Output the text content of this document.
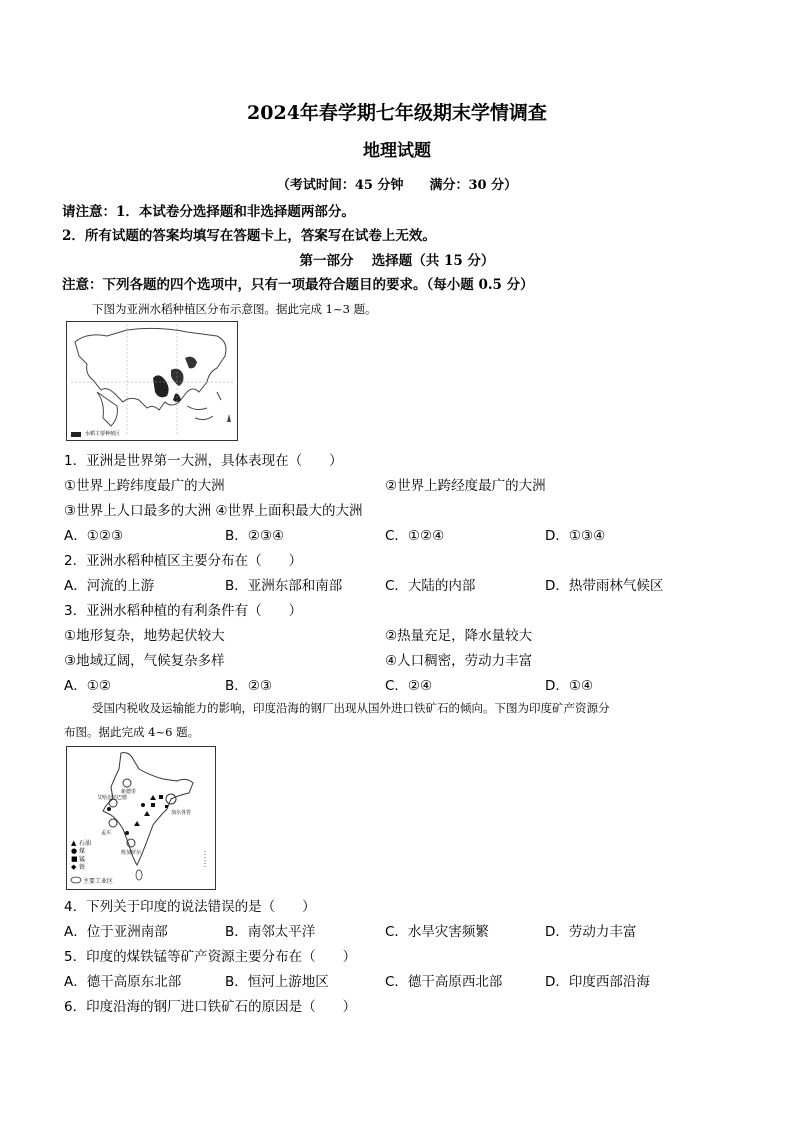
2024年春学期七年级期末学情调查
地理试题
（考试时间：45 分钟　　满分：30 分）
请注意：1．本试卷分选择题和非选择题两部分。
2．所有试题的答案均填写在答题卡上，答案写在试卷上无效。
第一部分　 选择题（共 15 分）
注意：下列各题的四个选项中，只有一项最符合题目的要求。（每小题 0.5 分）
下图为亚洲水稻种植区分布示意图。据此完成 1~3 题。
水稻主要种植区
1．亚洲是世界第一大洲，具体表现在（　　）
①世界上跨纬度最广的大洲	②世界上跨经度最广的大洲
③世界上人口最多的大洲 ④世界上面积最大的大洲
A．①②③	B．②③④	C．①②④	D．①③④
2．亚洲水稻种植区主要分布在（　　）
A．河流的上游	B．亚洲东部和南部	C．大陆的内部	D．热带雨林气候区
3．亚洲水稻种植的有利条件有（　　）
①地形复杂，地势起伏较大	②热量充足，降水量较大
③地域辽阔，气候复杂多样	④人口稠密，劳动力丰富
A．①②	B．②③	C．②④	D．①④
受国内税收及运输能力的影响，印度沿海的钢厂出现从国外进口铁矿石的倾向。下图为印度矿产资源分
布图。据此完成 4~6 题。
▲
●
■
◆
石油
煤
锰
铁
主要工业区
新德里
艾哈迈达巴德
加尔各答
孟买
班加罗尔
4．下列关于印度的说法错误的是（　　）
A．位于亚洲南部	B．南邻太平洋	C．水旱灾害频繁	D．劳动力丰富
5．印度的煤铁锰等矿产资源主要分布在（　　）
A．德干高原东北部	B．恒河上游地区	C．德干高原西北部	D．印度西部沿海
6．印度沿海的钢厂进口铁矿石的原因是（　　）
